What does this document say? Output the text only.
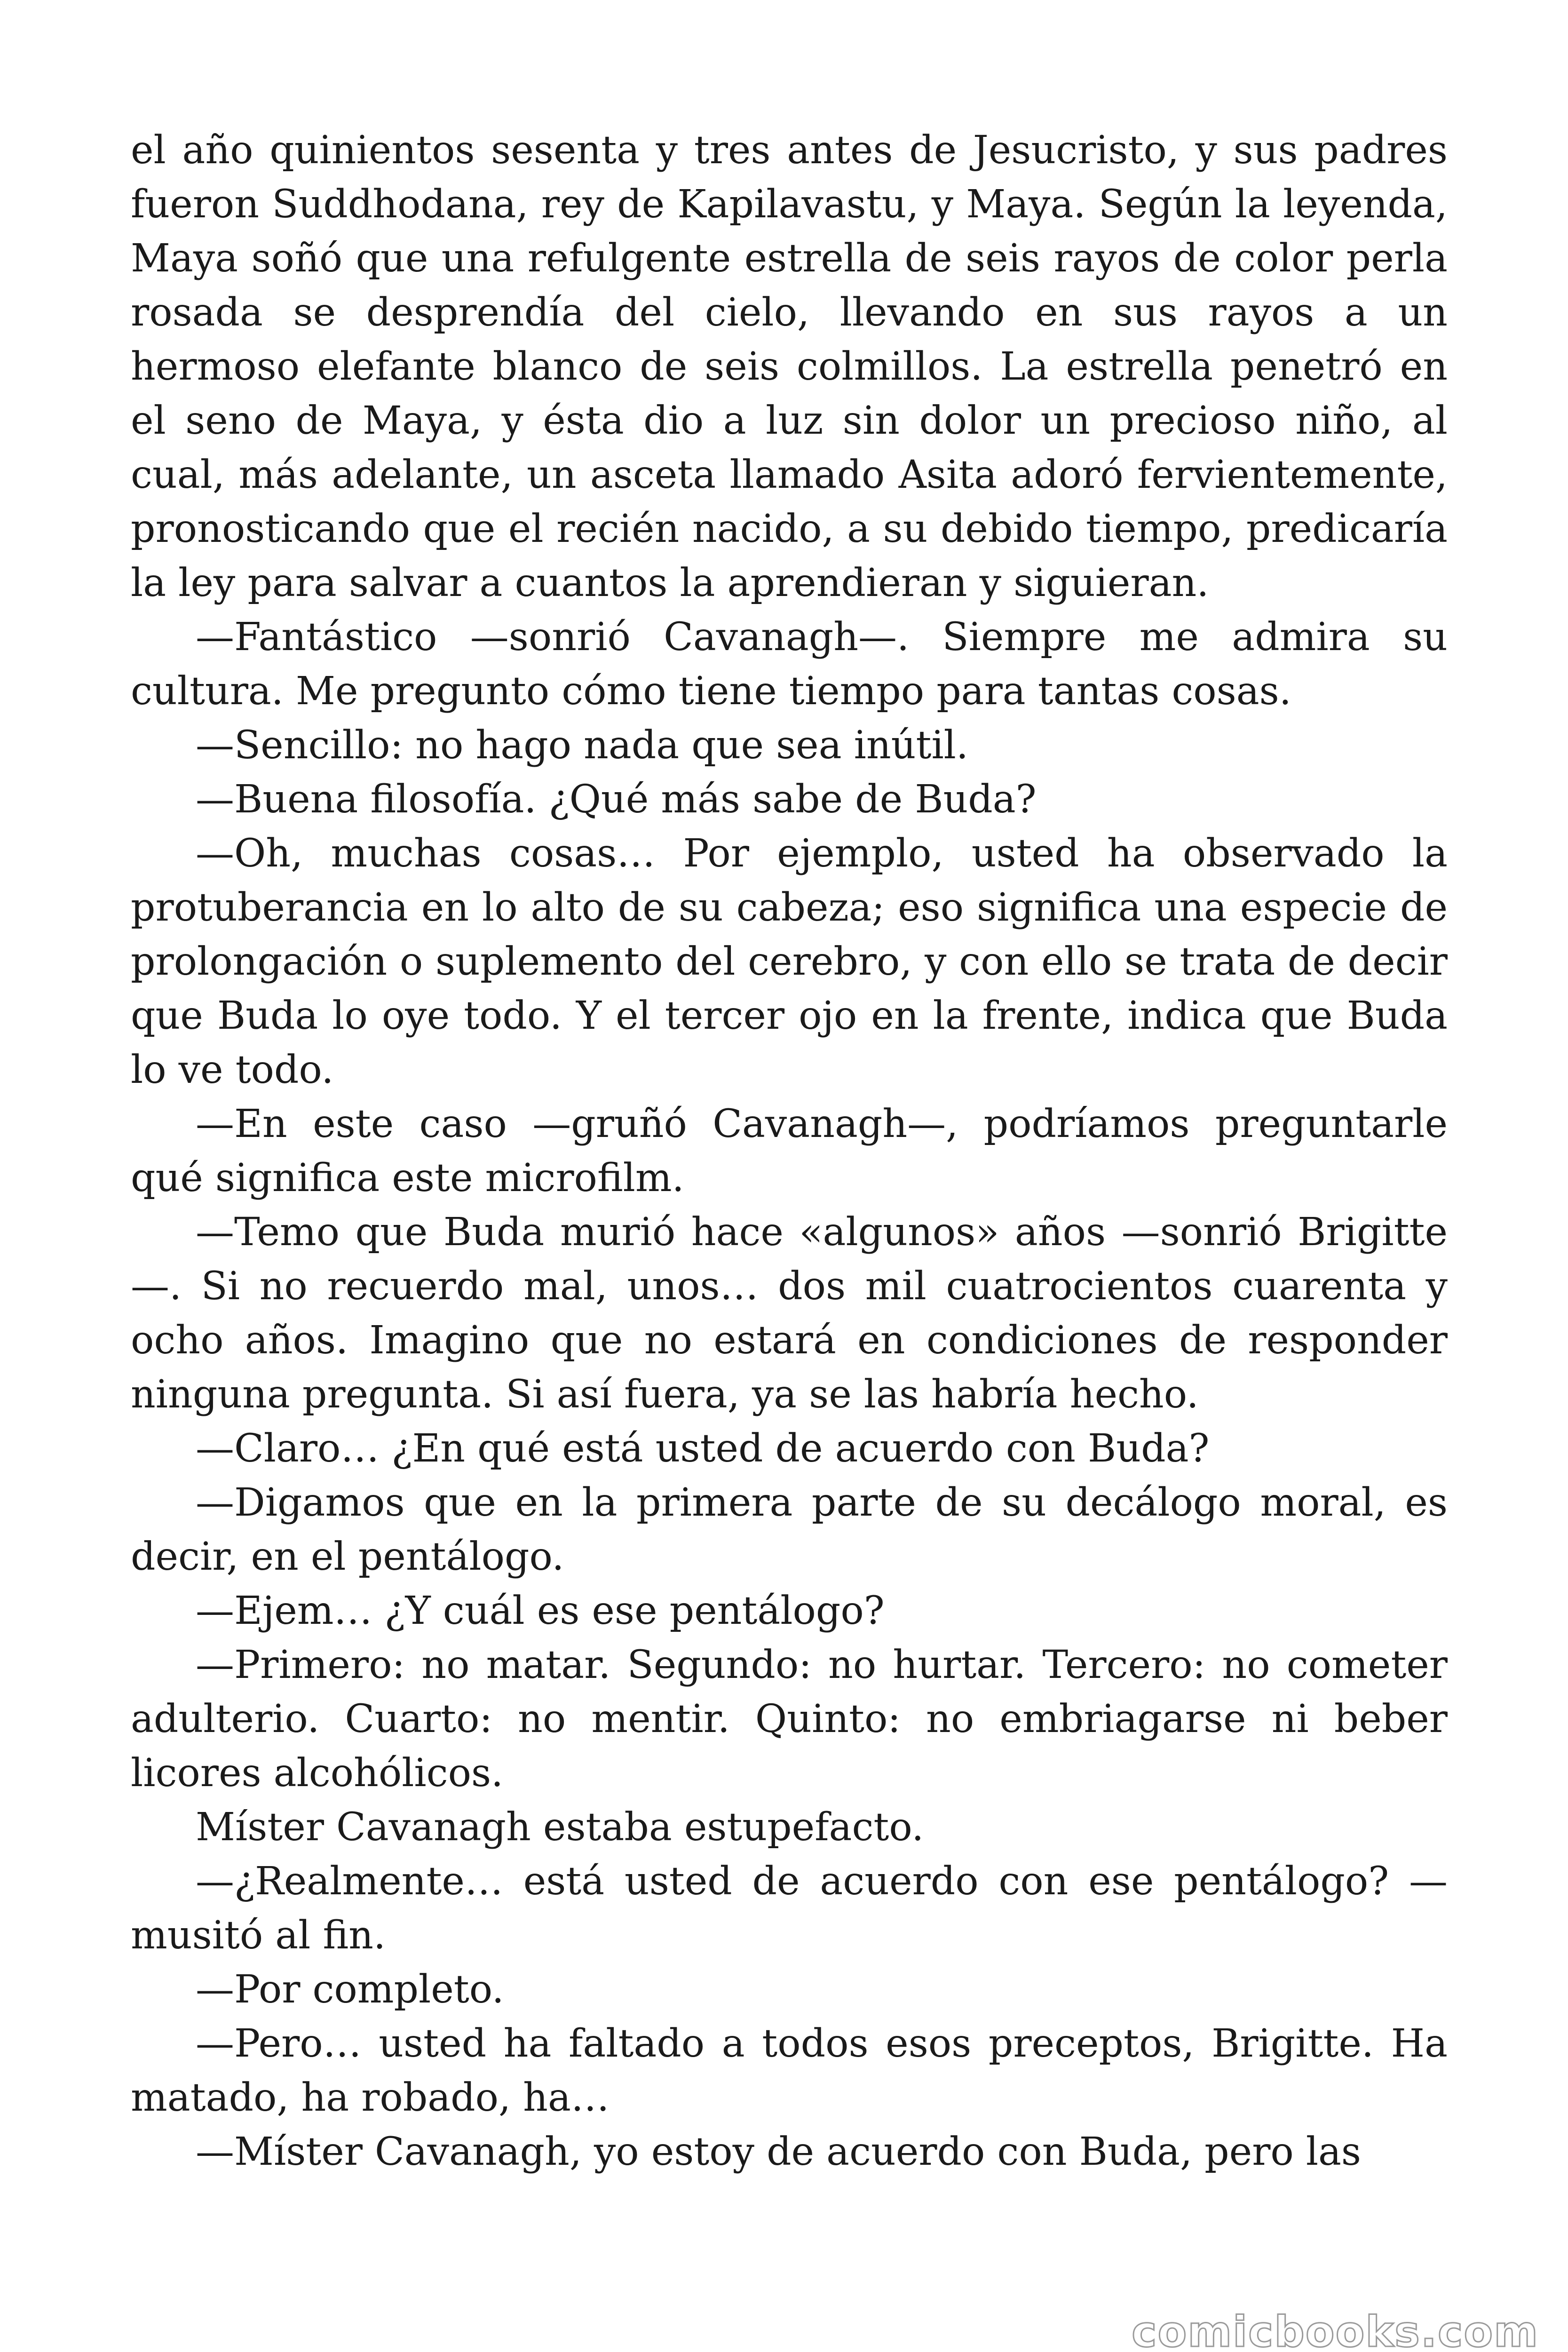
el año quinientos sesenta y tres antes de Jesucristo, y sus padres fueron Suddhodana, rey de Kapilavastu, y Maya. Según la leyenda, Maya soñó que una refulgente estrella de seis rayos de color perla rosada se desprendía del cielo, llevando en sus rayos a un hermoso elefante blanco de seis colmillos. La estrella penetró en el seno de Maya, y ésta dio a luz sin dolor un precioso niño, al cual, más adelante, un asceta llamado Asita adoró fervientemente, pronosticando que el recién nacido, a su debido tiempo, predicaría la ley para salvar a cuantos la aprendieran y siguieran.

—Fantástico —sonrió Cavanagh—. Siempre me admira su cultura. Me pregunto cómo tiene tiempo para tantas cosas.

—Sencillo: no hago nada que sea inútil.

—Buena filosofía. ¿Qué más sabe de Buda?

—Oh, muchas cosas… Por ejemplo, usted ha observado la protuberancia en lo alto de su cabeza; eso significa una especie de prolongación o suplemento del cerebro, y con ello se trata de decir que Buda lo oye todo. Y el tercer ojo en la frente, indica que Buda lo ve todo.

—En este caso —gruñó Cavanagh—, podríamos preguntarle qué significa este microfilm.

—Temo que Buda murió hace «algunos» años —sonrió Brigitte —. Si no recuerdo mal, unos… dos mil cuatrocientos cuarenta y ocho años. Imagino que no estará en condiciones de responder ninguna pregunta. Si así fuera, ya se las habría hecho.

—Claro… ¿En qué está usted de acuerdo con Buda?

—Digamos que en la primera parte de su decálogo moral, es decir, en el pentálogo.

—Ejem… ¿Y cuál es ese pentálogo?

—Primero: no matar. Segundo: no hurtar. Tercero: no cometer adulterio. Cuarto: no mentir. Quinto: no embriagarse ni beber licores alcohólicos.

Míster Cavanagh estaba estupefacto.

—¿Realmente… está usted de acuerdo con ese pentálogo? —musitó al fin.

—Por completo.

—Pero… usted ha faltado a todos esos preceptos, Brigitte. Ha matado, ha robado, ha…

—Míster Cavanagh, yo estoy de acuerdo con Buda, pero las

comicbooks.com
